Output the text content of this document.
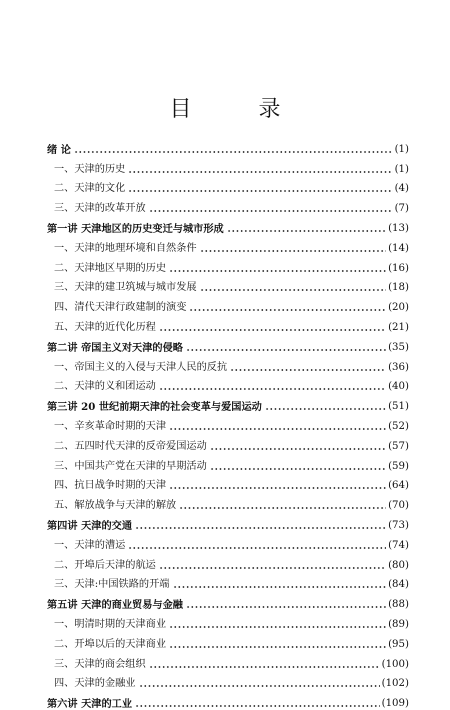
目 录
绪 论	(1)
一、天津的历史	(1)
二、天津的文化	(4)
三、天津的改革开放	(7)
第一讲 天津地区的历史变迁与城市形成	(13)
一、天津的地理环境和自然条件	(14)
二、天津地区早期的历史	(16)
三、天津的建卫筑城与城市发展	(18)
四、清代天津行政建制的演变	(20)
五、天津的近代化历程	(21)
第二讲 帝国主义对天津的侵略	(35)
一、帝国主义的入侵与天津人民的反抗	(36)
二、天津的义和团运动	(40)
第三讲 20 世纪前期天津的社会变革与爱国运动	(51)
一、辛亥革命时期的天津	(52)
二、五四时代天津的反帝爱国运动	(57)
三、中国共产党在天津的早期活动	(59)
四、抗日战争时期的天津	(64)
五、解放战争与天津的解放	(70)
第四讲 天津的交通	(73)
一、天津的漕运	(74)
二、开埠后天津的航运	(80)
三、天津:中国铁路的开端	(84)
第五讲 天津的商业贸易与金融	(88)
一、明清时期的天津商业	(89)
二、开埠以后的天津商业	(95)
三、天津的商会组织	(100)
四、天津的金融业	(102)
第六讲 天津的工业	(109)
